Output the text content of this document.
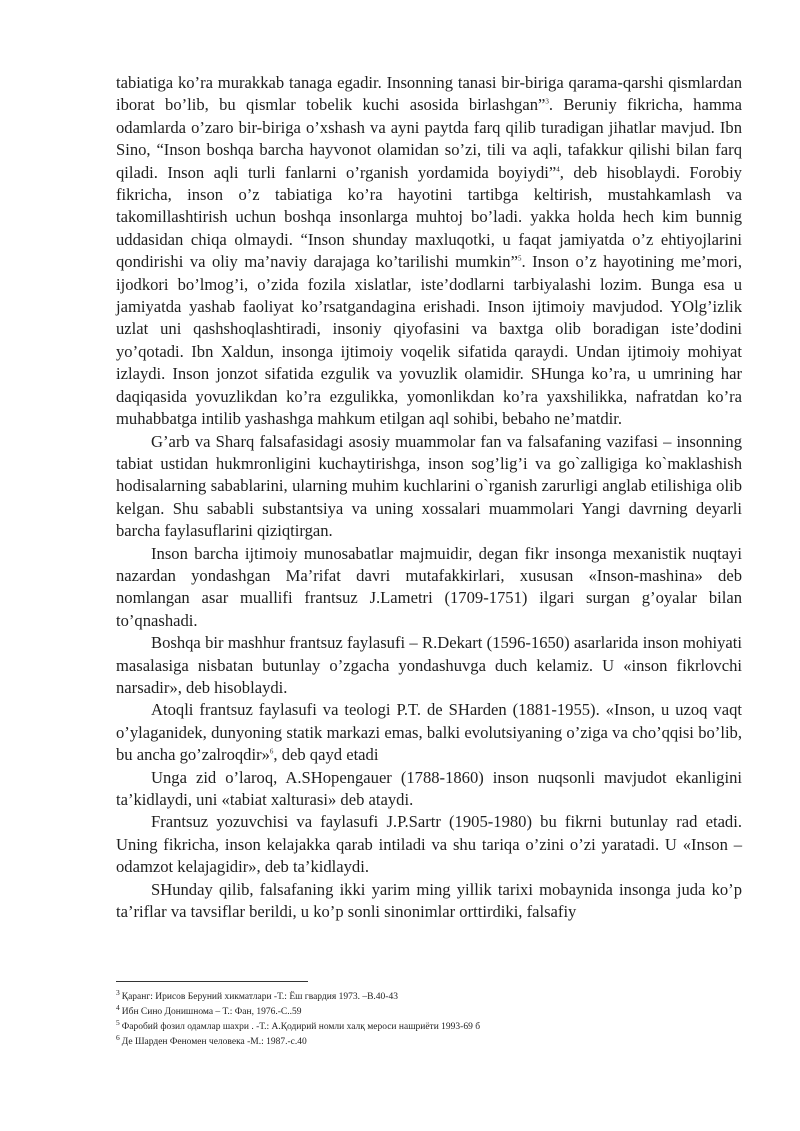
tabiatiga ko’ra murakkab tanaga egadir. Insonning tanasi bir-biriga qarama-qarshi qismlardan iborat bo’lib, bu qismlar tobelik kuchi asosida birlashgan”$^3$. Beruniy fikricha, hamma odamlarda o’zaro bir-biriga o’xshash va ayni paytda farq qilib turadigan jihatlar mavjud. Ibn Sino, “Inson boshqa barcha hayvonot olamidan so’zi, tili va aqli, tafakkur qilishi bilan farq qiladi. Inson aqli turli fanlarni o’rganish yordamida boyiydi”$^4$, deb hisoblaydi. Forobiy fikricha, inson o’z tabiatiga ko’ra hayotini tartibga keltirish, mustahkamlash va takomillashtirish uchun boshqa insonlarga muhtoj bo’ladi. yakka holda hech kim bunnig uddasidan chiqa olmaydi. “Inson shunday maxluqotki, u faqat jamiyatda o’z ehtiyojlarini qondirishi va oliy ma’naviy darajaga ko’tarilishi mumkin”$^5$. Inson o’z hayotining me’mori, ijodkori bo’lmog’i, o’zida fozila xislatlar, iste’dodlarni tarbiyalashi lozim. Bunga esa u jamiyatda yashab faoliyat ko’rsatgandagina erishadi. Inson ijtimoiy mavjudod. YOlg’izlik uzlat uni qashshoqlashtiradi, insoniy qiyofasini va baxtga olib boradigan iste’dodini yo’qotadi. Ibn Xaldun, insonga ijtimoiy voqelik sifatida qaraydi. Undan ijtimoiy mohiyat izlaydi. Inson jonzot sifatida ezgulik va yovuzlik olamidir. SHunga ko’ra, u umrining har daqiqasida yovuzlikdan ko’ra ezgulikka, yomonlikdan ko’ra yaxshilikka, nafratdan ko’ra muhabbatga intilib yashashga mahkum etilgan aql sohibi, bebaho ne’matdir.

G’arb va Sharq falsafasidagi asosiy muammolar fan va falsafaning vazifasi – insonning tabiat ustidan hukmronligini kuchaytirishga, inson sog’lig’i va go`zalligiga ko`maklashish hodisalarning sabablarini, ularning muhim kuchlarini o`rganish zarurligi anglab etilishiga olib kelgan. Shu sababli substantsiya va uning xossalari muammolari Yangi davrning deyarli barcha faylasuflarini qiziqtirgan.

Inson barcha ijtimoiy munosabatlar majmuidir, degan fikr insonga mexanistik nuqtayi nazardan yondashgan Ma’rifat davri mutafakkirlari, xususan «Inson-mashina» deb nomlangan asar muallifi frantsuz J.Lametri (1709-1751) ilgari surgan g’oyalar bilan to’qnashadi.

Boshqa bir mashhur frantsuz faylasufi – R.Dekart (1596-1650) asarlarida inson mohiyati masalasiga nisbatan butunlay o’zgacha yondashuvga duch kelamiz. U «inson fikrlovchi narsadir», deb hisoblaydi.

Atoqli frantsuz faylasufi va teologi P.T. de SHarden (1881-1955). «Inson, u uzoq vaqt o’ylaganidek, dunyoning statik markazi emas, balki evolutsiyaning o’ziga va cho’qqisi bo’lib, bu ancha go’zalroqdir»$^6$, deb qayd etadi

Unga zid o’laroq, A.SHopengauer (1788-1860) inson nuqsonli mavjudot ekanligini ta’kidlaydi, uni «tabiat xalturasi» deb ataydi.

Frantsuz yozuvchisi va faylasufi J.P.Sartr (1905-1980) bu fikrni butunlay rad etadi. Uning fikricha, inson kelajakka qarab intiladi va shu tariqa o’zini o’zi yaratadi. U «Inson – odamzot kelajagidir», deb ta’kidlaydi.

SHunday qilib, falsafaning ikki yarim ming yillik tarixi mobaynida insonga juda ko’p ta’riflar va tavsiflar berildi, u ko’p sonli sinonimlar orttirdiki, falsafiy

$^3$ Қаранг: Ирисов Беруний хикматлари -Т.: Ёш гвардия 1973. –В.40-43

$^4$ Ибн Сино Донишнома – Т.: Фан, 1976.-С..59

$^5$ Фаробий фозил одамлар шахри . -Т.: А.Қодирий номли халқ мероси нашриёти 1993-69 б

$^6$ Де Шарден Феномен человека -М.: 1987.-с.40
